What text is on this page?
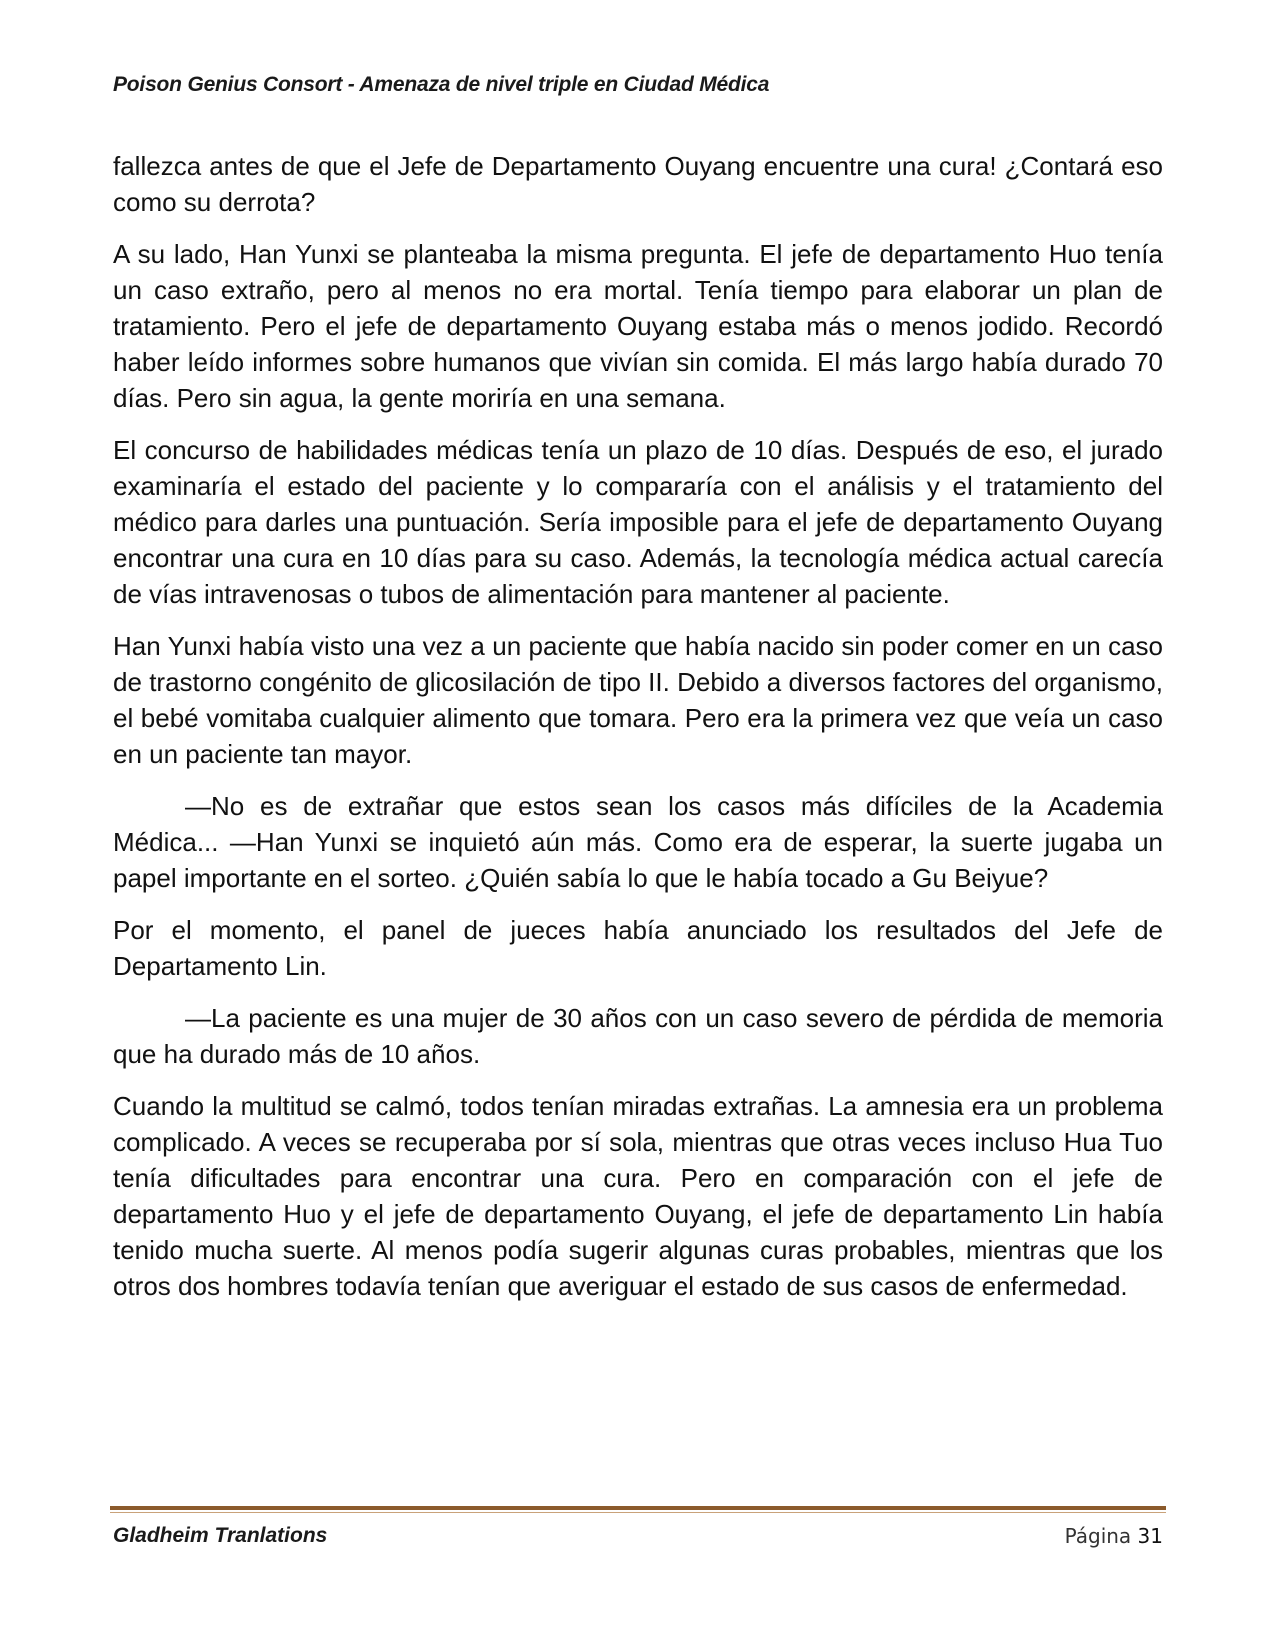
Poison Genius Consort - Amenaza de nivel triple en Ciudad Médica

fallezca antes de que el Jefe de Departamento Ouyang encuentre una cura! ¿Contará eso como su derrota?

A su lado, Han Yunxi se planteaba la misma pregunta. El jefe de departamento Huo tenía un caso extraño, pero al menos no era mortal. Tenía tiempo para elaborar un plan de tratamiento. Pero el jefe de departamento Ouyang estaba más o menos jodido. Recordó haber leído informes sobre humanos que vivían sin comida. El más largo había durado 70 días. Pero sin agua, la gente moriría en una semana.

El concurso de habilidades médicas tenía un plazo de 10 días. Después de eso, el jurado examinaría el estado del paciente y lo compararía con el análisis y el tratamiento del médico para darles una puntuación. Sería imposible para el jefe de departamento Ouyang encontrar una cura en 10 días para su caso. Además, la tecnología médica actual carecía de vías intravenosas o tubos de alimentación para mantener al paciente.

Han Yunxi había visto una vez a un paciente que había nacido sin poder comer en un caso de trastorno congénito de glicosilación de tipo II. Debido a diversos factores del organismo, el bebé vomitaba cualquier alimento que tomara. Pero era la primera vez que veía un caso en un paciente tan mayor.

—No es de extrañar que estos sean los casos más difíciles de la Academia Médica... —Han Yunxi se inquietó aún más. Como era de esperar, la suerte jugaba un papel importante en el sorteo. ¿Quién sabía lo que le había tocado a Gu Beiyue?

Por el momento, el panel de jueces había anunciado los resultados del Jefe de Departamento Lin.

—La paciente es una mujer de 30 años con un caso severo de pérdida de memoria que ha durado más de 10 años.

Cuando la multitud se calmó, todos tenían miradas extrañas. La amnesia era un problema complicado. A veces se recuperaba por sí sola, mientras que otras veces incluso Hua Tuo tenía dificultades para encontrar una cura. Pero en comparación con el jefe de departamento Huo y el jefe de departamento Ouyang, el jefe de departamento Lin había tenido mucha suerte. Al menos podía sugerir algunas curas probables, mientras que los otros dos hombres todavía tenían que averiguar el estado de sus casos de enfermedad.

Gladheim Tranlations	Página 31
